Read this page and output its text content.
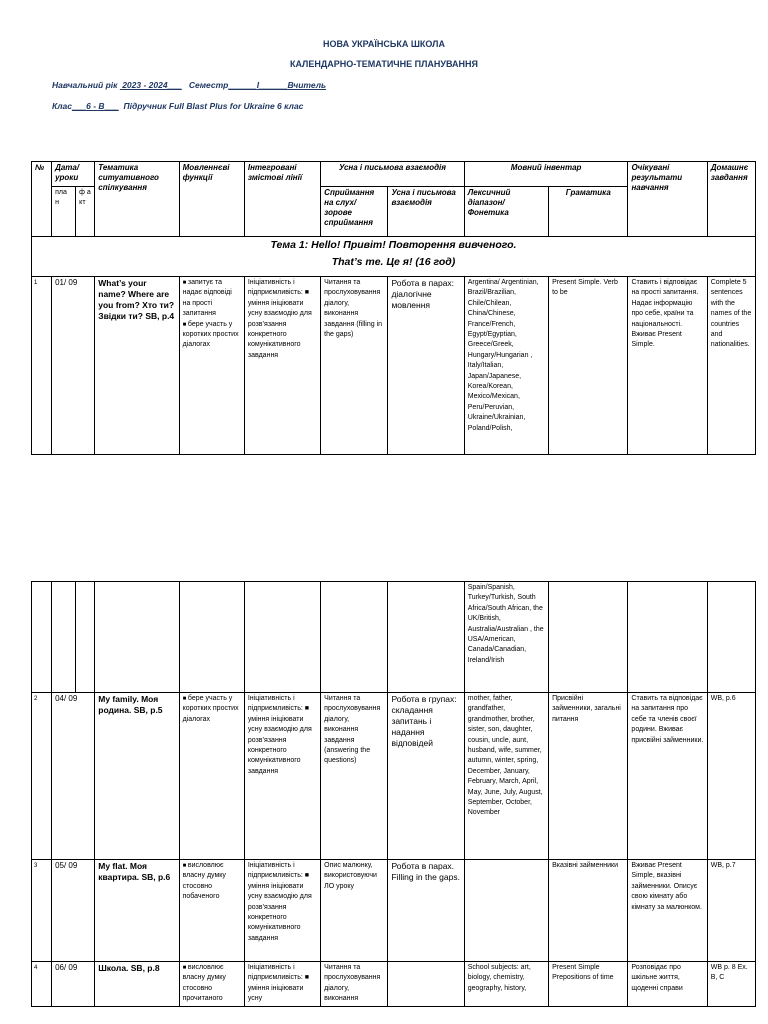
НОВА УКРАЇНСЬКА ШКОЛА
КАЛЕНДАРНО-ТЕМАТИЧНЕ ПЛАНУВАННЯ
Навчальний рік 2023 - 2024___ Семестр______I______Вчитель
Клас___6 - В___ Підручник Full Blast Plus for Ukraine 6 клас
№	Дата/ уроки		Тематика ситуативного спілкування	Мовленнєві функції	Інтегровані змістові лінії	Усна і письмова взаємодія		Мовний інвентар		Очікувані результати навчання	Домашнє завдання
	пла н	ф а кт				Сприймання на слух/ зорове сприймання	Усна і письмова взаємодія	Лексичний діапазон/ Фонетика	Граматика		

Тема 1: Hello! Привіт! Повторення вивченого.
That’s me. Це я! (16 год)											

1	01/ 09		What’s your name? Where are you from? Хто ти? Звідки ти? SB, p.4	■ запитує та надає відповіді на прості запитання
■ бере участь у коротких простих діалогах	Ініціативність і підприємливість: ■ уміння ініціювати усну взаємодію для розв’язання конкретного комунікативного завдання	Читання та прослуховування діалогу, виконання завдання (filling in the gaps)	Робота в парах: діалогічне мовлення	Argentina/ Argentinian, Brazil/Brazilian, Chile/Chilean, China/Chinese, France/French, Egypt/Egyptian, Greece/Greek, Hungary/Hungarian , Italy/Italian, Japan/Japanese, Korea/Korean, Mexico/Mexican, Peru/Peruvian, Ukraine/Ukrainian, Poland/Polish,	Present Simple. Verb to be	Ставить і відповідає на прості запитання. Надає інформацію про себе, країни та національності. Вживає Present Simple.	Complete 5 sentences with the names of the countries and nationalities.
								Spain/Spanish, Turkey/Turkish, South Africa/South African, the UK/British, Australia/Australian , the USA/American, Canada/Canadian, Ireland/Irish			
2	04/ 09		My family. Моя родина. SB, p.5	■ бере участь у коротких простих діалогах	Ініціативність і підприємливість: ■ уміння ініціювати усну взаємодію для розв’язання конкретного комунікативного завдання	Читання та прослуховування діалогу, виконання завдання (answering the questions)	Робота в групах: складання запитань і надання відповідей	mother, father, grandfather, grandmother, brother, sister, son, daughter, cousin, uncle, aunt, husband, wife, summer, autumn, winter, spring, December, January, February, March, April, May, June, July, August, September, October, November	Присвійні займенники, загальні питання	Ставить та відповідає на запитання про себе та членів своєї родини. Вживає присвійні займенники.	WB, p.6
3	05/ 09		My flat. Моя квартира. SB, p.6	■ висловлює власну думку стосовно побаченого	Ініціативність і підприємливість: ■ уміння ініціювати усну взаємодію для розв’язання конкретного комунікативного завдання	Опис малюнку, використовуючи ЛО уроку	Робота в парах. Filling in the gaps.		Вказівні займенники	Вживає Present Simple, вказівні займенники. Описує свою кімнату або кімнату за малюнком.	WB, p.7
4	06/ 09		Школа. SB, p.8	■ висловлює власну думку стосовно прочитаного	Ініціативність і підприємливість: ■ уміння ініціювати усну	Читання та прослуховування діалогу, виконання		School subjects: art, biology, chemistry, geography, history,	Present Simple Prepositions of time	Розповідає про шкільне життя, щоденні справи	WB p. 8 Ex. B, C
